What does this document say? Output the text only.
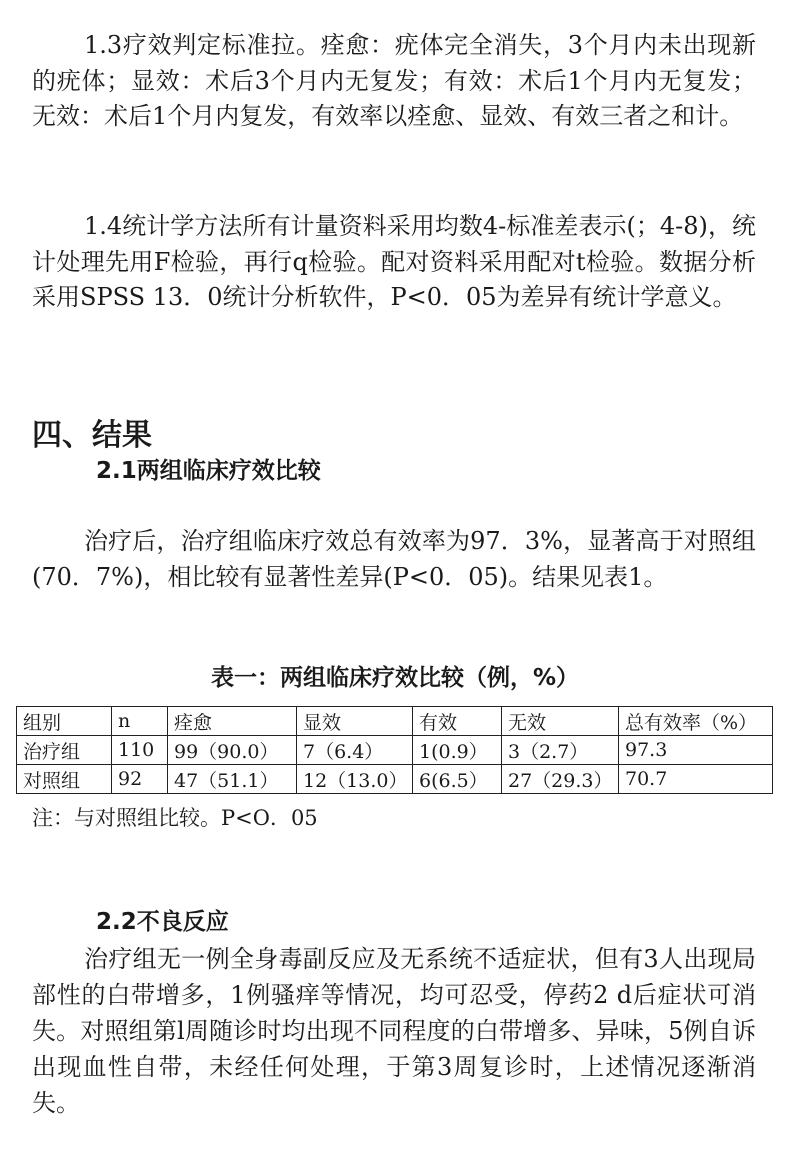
1.3疗效判定标准拉。痊愈：疣体完全消失，3个月内未出现新的疣体；显效：术后3个月内无复发；有效：术后1个月内无复发；无效：术后1个月内复发，有效率以痊愈、显效、有效三者之和计。

1.4统计学方法所有计量资料采用均数4-标准差表示(；4-8)，统计处理先用F检验，再行q检验。配对资料采用配对t检验。数据分析采用SPSS 13．0统计分析软件，P<0．05为差异有统计学意义。

四、结果
2.1两组临床疗效比较

治疗后，治疗组临床疗效总有效率为97．3%，显著高于对照组(70．7%)，相比较有显著性差异(P<0．05)。结果见表1。

表一：两组临床疗效比较（例，%）

组别	n	痊愈	显效	有效	无效	总有效率（%）
治疗组	110	99（90.0）	7（6.4）	1(0.9）	3（2.7）	97.3
对照组	92	47（51.1）	12（13.0）	6(6.5）	27（29.3）	70.7

注：与对照组比较。P<O．05

2.2不良反应

治疗组无一例全身毒副反应及无系统不适症状，但有3人出现局部性的白带增多，1例骚痒等情况，均可忍受，停药2 d后症状可消失。对照组第l周随诊时均出现不同程度的白带增多、异味，5例自诉出现血性自带，未经任何处理，于第3周复诊时，上述情况逐渐消失。
